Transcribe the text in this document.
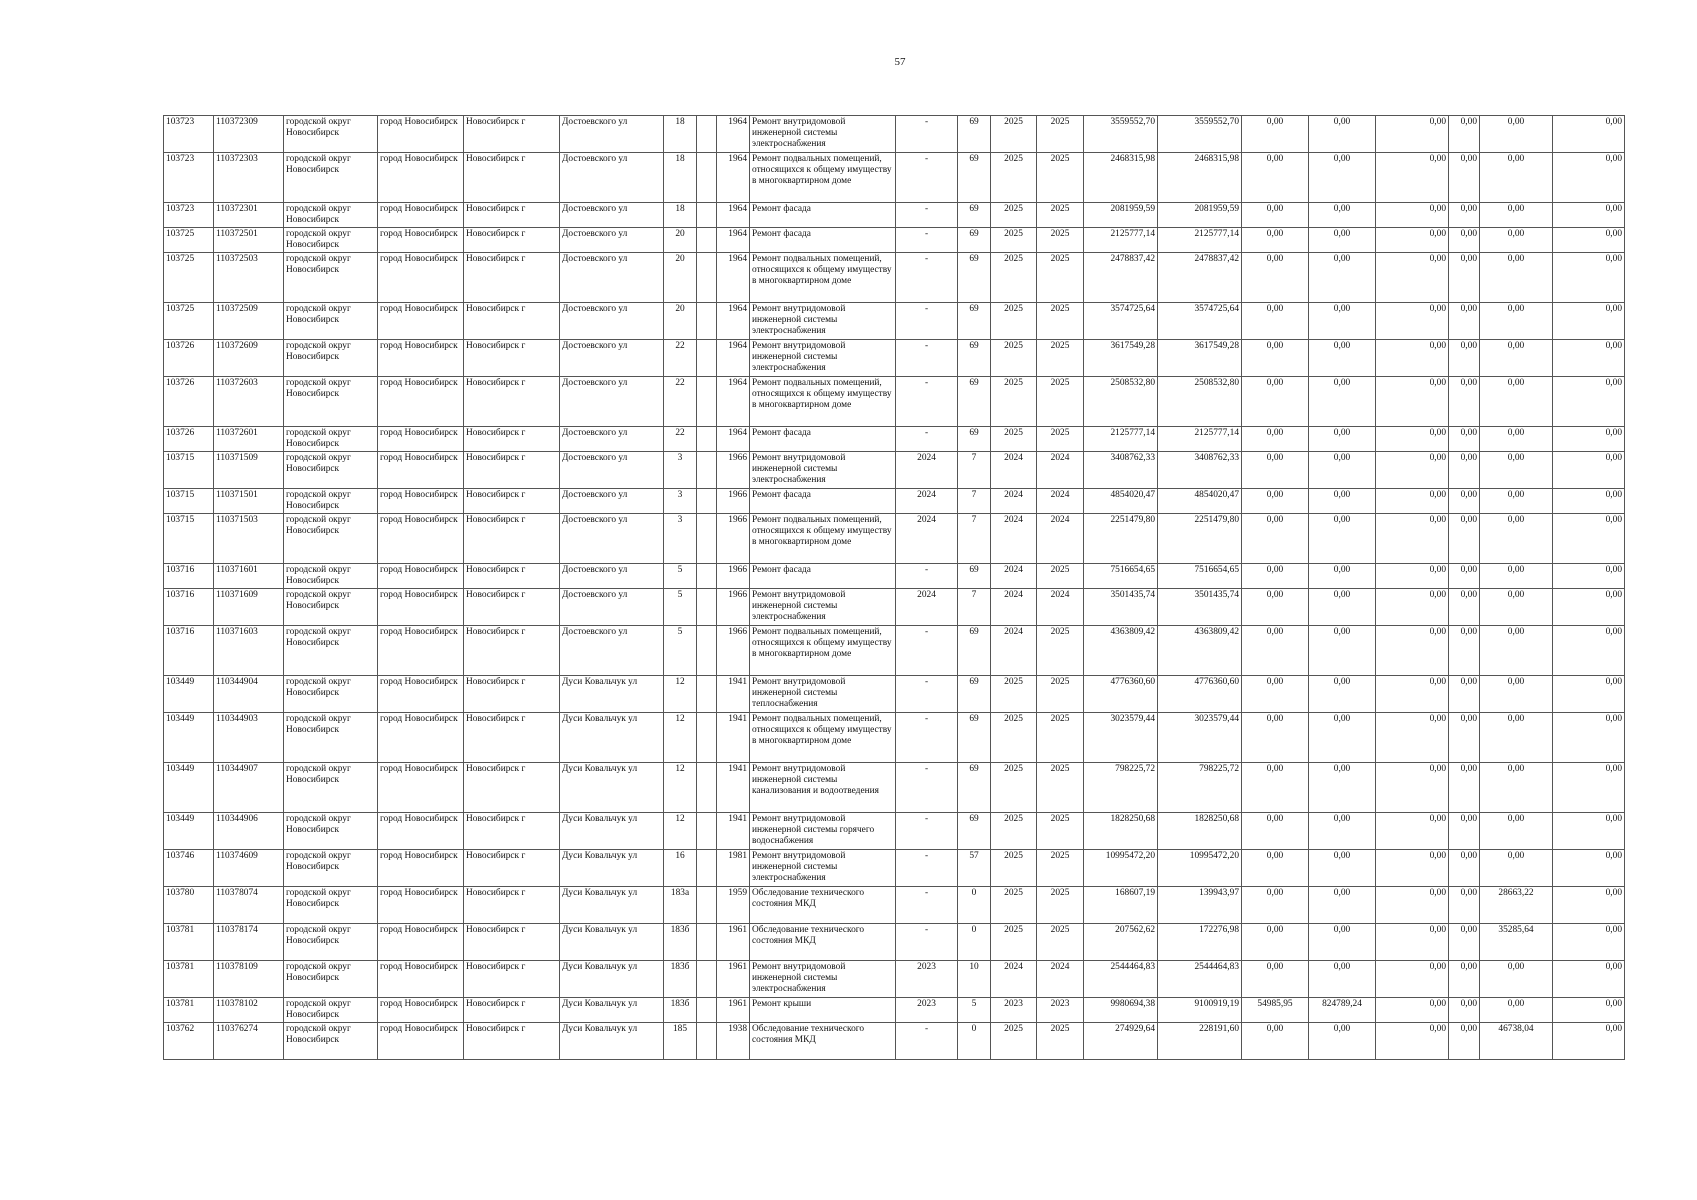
57
103723	110372309	городской округ Новосибирск	город Новосибирск	Новосибирск г	Достоевского ул	18		1964	Ремонт внутридомовой инженерной системы электроснабжения	-	69	2025	2025	3559552,70	3559552,70	0,00	0,00	0,00	0,00	0,00	0,00
103723	110372303	городской округ Новосибирск	город Новосибирск	Новосибирск г	Достоевского ул	18		1964	Ремонт подвальных помещений, относящихся к общему имуществу в многоквартирном доме	-	69	2025	2025	2468315,98	2468315,98	0,00	0,00	0,00	0,00	0,00	0,00
103723	110372301	городской округ Новосибирск	город Новосибирск	Новосибирск г	Достоевского ул	18		1964	Ремонт фасада	-	69	2025	2025	2081959,59	2081959,59	0,00	0,00	0,00	0,00	0,00	0,00
103725	110372501	городской округ Новосибирск	город Новосибирск	Новосибирск г	Достоевского ул	20		1964	Ремонт фасада	-	69	2025	2025	2125777,14	2125777,14	0,00	0,00	0,00	0,00	0,00	0,00
103725	110372503	городской округ Новосибирск	город Новосибирск	Новосибирск г	Достоевского ул	20		1964	Ремонт подвальных помещений, относящихся к общему имуществу в многоквартирном доме	-	69	2025	2025	2478837,42	2478837,42	0,00	0,00	0,00	0,00	0,00	0,00
103725	110372509	городской округ Новосибирск	город Новосибирск	Новосибирск г	Достоевского ул	20		1964	Ремонт внутридомовой инженерной системы электроснабжения	-	69	2025	2025	3574725,64	3574725,64	0,00	0,00	0,00	0,00	0,00	0,00
103726	110372609	городской округ Новосибирск	город Новосибирск	Новосибирск г	Достоевского ул	22		1964	Ремонт внутридомовой инженерной системы электроснабжения	-	69	2025	2025	3617549,28	3617549,28	0,00	0,00	0,00	0,00	0,00	0,00
103726	110372603	городской округ Новосибирск	город Новосибирск	Новосибирск г	Достоевского ул	22		1964	Ремонт подвальных помещений, относящихся к общему имуществу в многоквартирном доме	-	69	2025	2025	2508532,80	2508532,80	0,00	0,00	0,00	0,00	0,00	0,00
103726	110372601	городской округ Новосибирск	город Новосибирск	Новосибирск г	Достоевского ул	22		1964	Ремонт фасада	-	69	2025	2025	2125777,14	2125777,14	0,00	0,00	0,00	0,00	0,00	0,00
103715	110371509	городской округ Новосибирск	город Новосибирск	Новосибирск г	Достоевского ул	3		1966	Ремонт внутридомовой инженерной системы электроснабжения	2024	7	2024	2024	3408762,33	3408762,33	0,00	0,00	0,00	0,00	0,00	0,00
103715	110371501	городской округ Новосибирск	город Новосибирск	Новосибирск г	Достоевского ул	3		1966	Ремонт фасада	2024	7	2024	2024	4854020,47	4854020,47	0,00	0,00	0,00	0,00	0,00	0,00
103715	110371503	городской округ Новосибирск	город Новосибирск	Новосибирск г	Достоевского ул	3		1966	Ремонт подвальных помещений, относящихся к общему имуществу в многоквартирном доме	2024	7	2024	2024	2251479,80	2251479,80	0,00	0,00	0,00	0,00	0,00	0,00
103716	110371601	городской округ Новосибирск	город Новосибирск	Новосибирск г	Достоевского ул	5		1966	Ремонт фасада	-	69	2024	2025	7516654,65	7516654,65	0,00	0,00	0,00	0,00	0,00	0,00
103716	110371609	городской округ Новосибирск	город Новосибирск	Новосибирск г	Достоевского ул	5		1966	Ремонт внутридомовой инженерной системы электроснабжения	2024	7	2024	2024	3501435,74	3501435,74	0,00	0,00	0,00	0,00	0,00	0,00
103716	110371603	городской округ Новосибирск	город Новосибирск	Новосибирск г	Достоевского ул	5		1966	Ремонт подвальных помещений, относящихся к общему имуществу в многоквартирном доме	-	69	2024	2025	4363809,42	4363809,42	0,00	0,00	0,00	0,00	0,00	0,00
103449	110344904	городской округ Новосибирск	город Новосибирск	Новосибирск г	Дуси Ковальчук ул	12		1941	Ремонт внутридомовой инженерной системы теплоснабжения	-	69	2025	2025	4776360,60	4776360,60	0,00	0,00	0,00	0,00	0,00	0,00
103449	110344903	городской округ Новосибирск	город Новосибирск	Новосибирск г	Дуси Ковальчук ул	12		1941	Ремонт подвальных помещений, относящихся к общему имуществу в многоквартирном доме	-	69	2025	2025	3023579,44	3023579,44	0,00	0,00	0,00	0,00	0,00	0,00
103449	110344907	городской округ Новосибирск	город Новосибирск	Новосибирск г	Дуси Ковальчук ул	12		1941	Ремонт внутридомовой инженерной системы канализования и водоотведения	-	69	2025	2025	798225,72	798225,72	0,00	0,00	0,00	0,00	0,00	0,00
103449	110344906	городской округ Новосибирск	город Новосибирск	Новосибирск г	Дуси Ковальчук ул	12		1941	Ремонт внутридомовой инженерной системы горячего водоснабжения	-	69	2025	2025	1828250,68	1828250,68	0,00	0,00	0,00	0,00	0,00	0,00
103746	110374609	городской округ Новосибирск	город Новосибирск	Новосибирск г	Дуси Ковальчук ул	16		1981	Ремонт внутридомовой инженерной системы электроснабжения	-	57	2025	2025	10995472,20	10995472,20	0,00	0,00	0,00	0,00	0,00	0,00
103780	110378074	городской округ Новосибирск	город Новосибирск	Новосибирск г	Дуси Ковальчук ул	183а		1959	Обследование технического состояния МКД	-	0	2025	2025	168607,19	139943,97	0,00	0,00	0,00	0,00	28663,22	0,00
103781	110378174	городской округ Новосибирск	город Новосибирск	Новосибирск г	Дуси Ковальчук ул	183б		1961	Обследование технического состояния МКД	-	0	2025	2025	207562,62	172276,98	0,00	0,00	0,00	0,00	35285,64	0,00
103781	110378109	городской округ Новосибирск	город Новосибирск	Новосибирск г	Дуси Ковальчук ул	183б		1961	Ремонт внутридомовой инженерной системы электроснабжения	2023	10	2024	2024	2544464,83	2544464,83	0,00	0,00	0,00	0,00	0,00	0,00
103781	110378102	городской округ Новосибирск	город Новосибирск	Новосибирск г	Дуси Ковальчук ул	183б		1961	Ремонт крыши	2023	5	2023	2023	9980694,38	9100919,19	54985,95	824789,24	0,00	0,00	0,00	0,00
103762	110376274	городской округ Новосибирск	город Новосибирск	Новосибирск г	Дуси Ковальчук ул	185		1938	Обследование технического состояния МКД	-	0	2025	2025	274929,64	228191,60	0,00	0,00	0,00	0,00	46738,04	0,00
